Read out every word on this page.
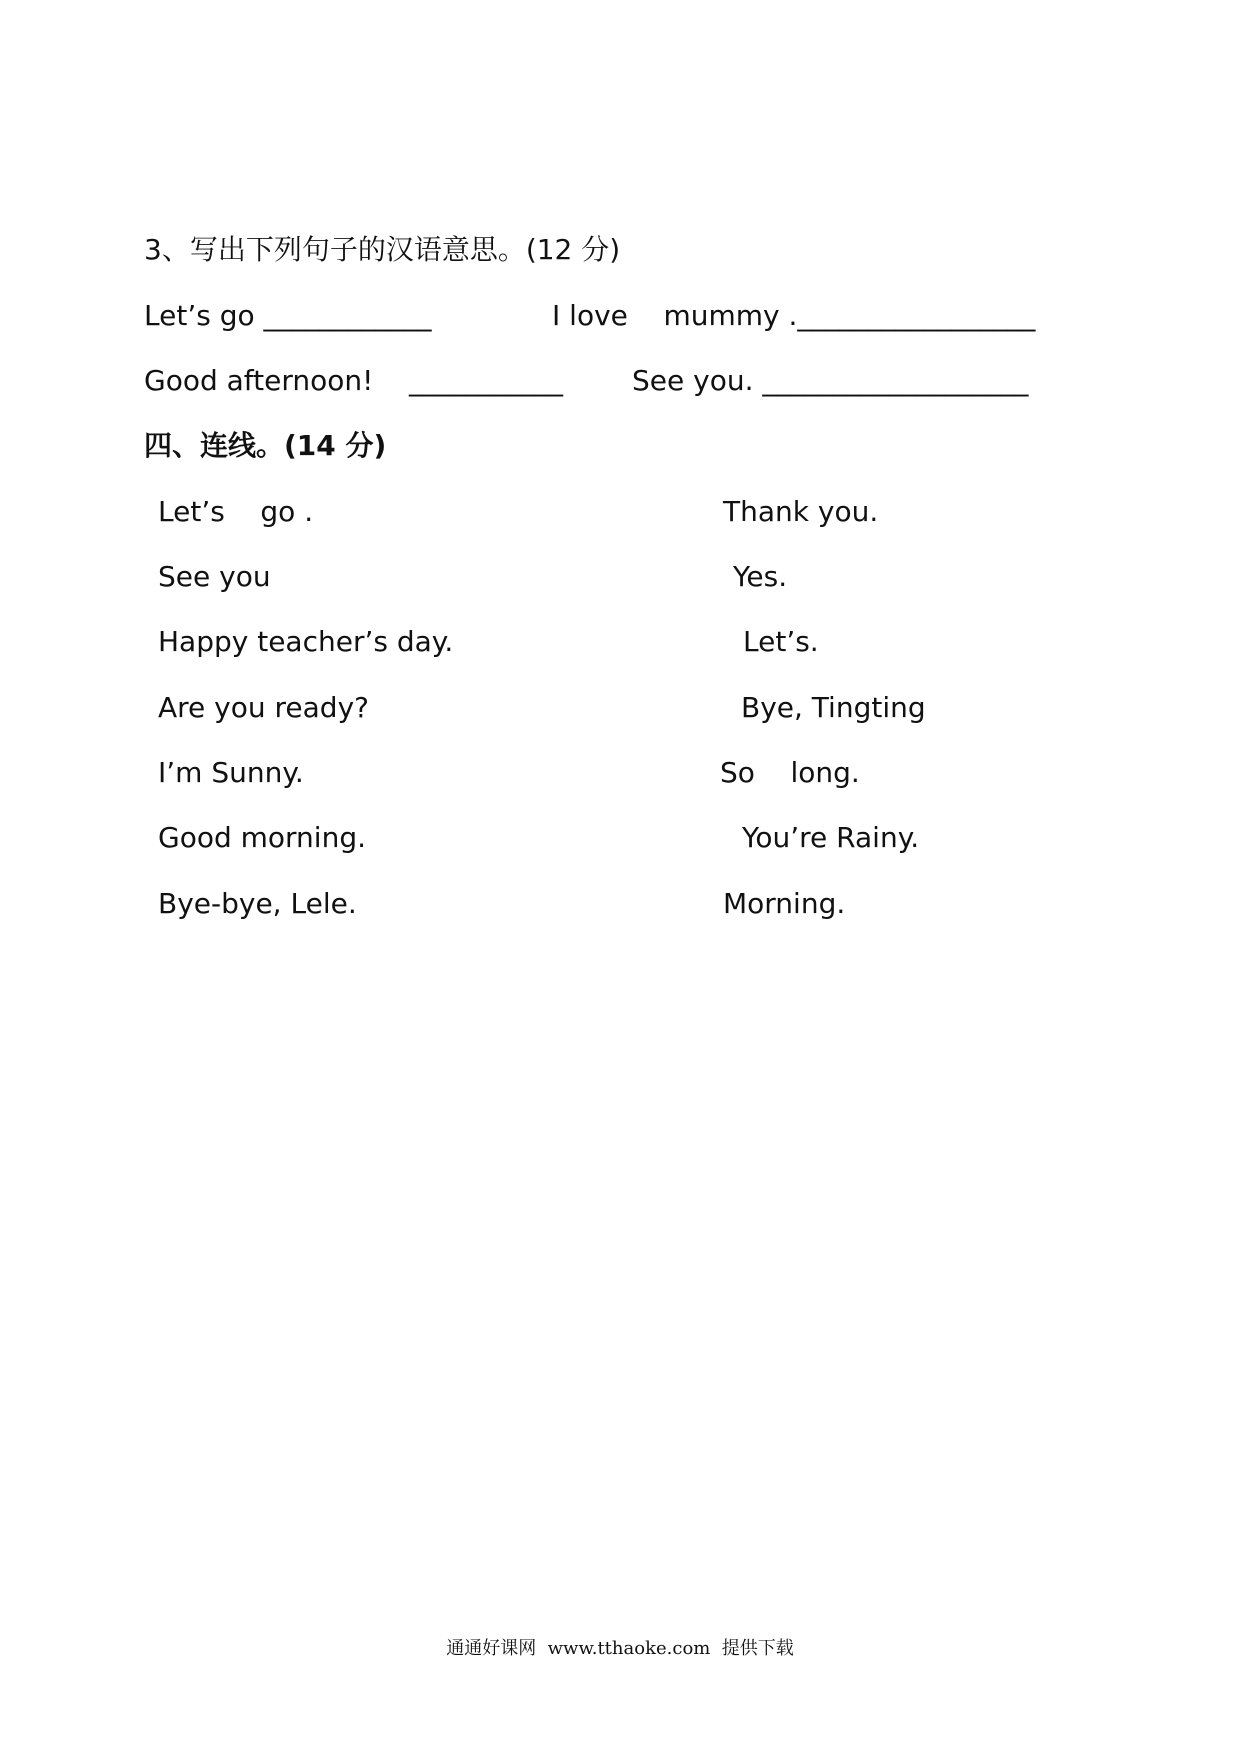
3、写出下列句子的汉语意思。(12 分)
Let’s go ____________	I love    mummy ._________________
Good afternoon!    ___________ See you. ___________________
四、连线。(14 分)
Let’s    go .
See you
Happy teacher’s day.
Are you ready?
I’m Sunny.
Good morning.
Bye-bye, Lele.
Thank you.
Yes.
Let’s.
Bye, Tingting
So    long.
You’re Rainy.
Morning.
通通好课网  www.tthaoke.com  提供下载
